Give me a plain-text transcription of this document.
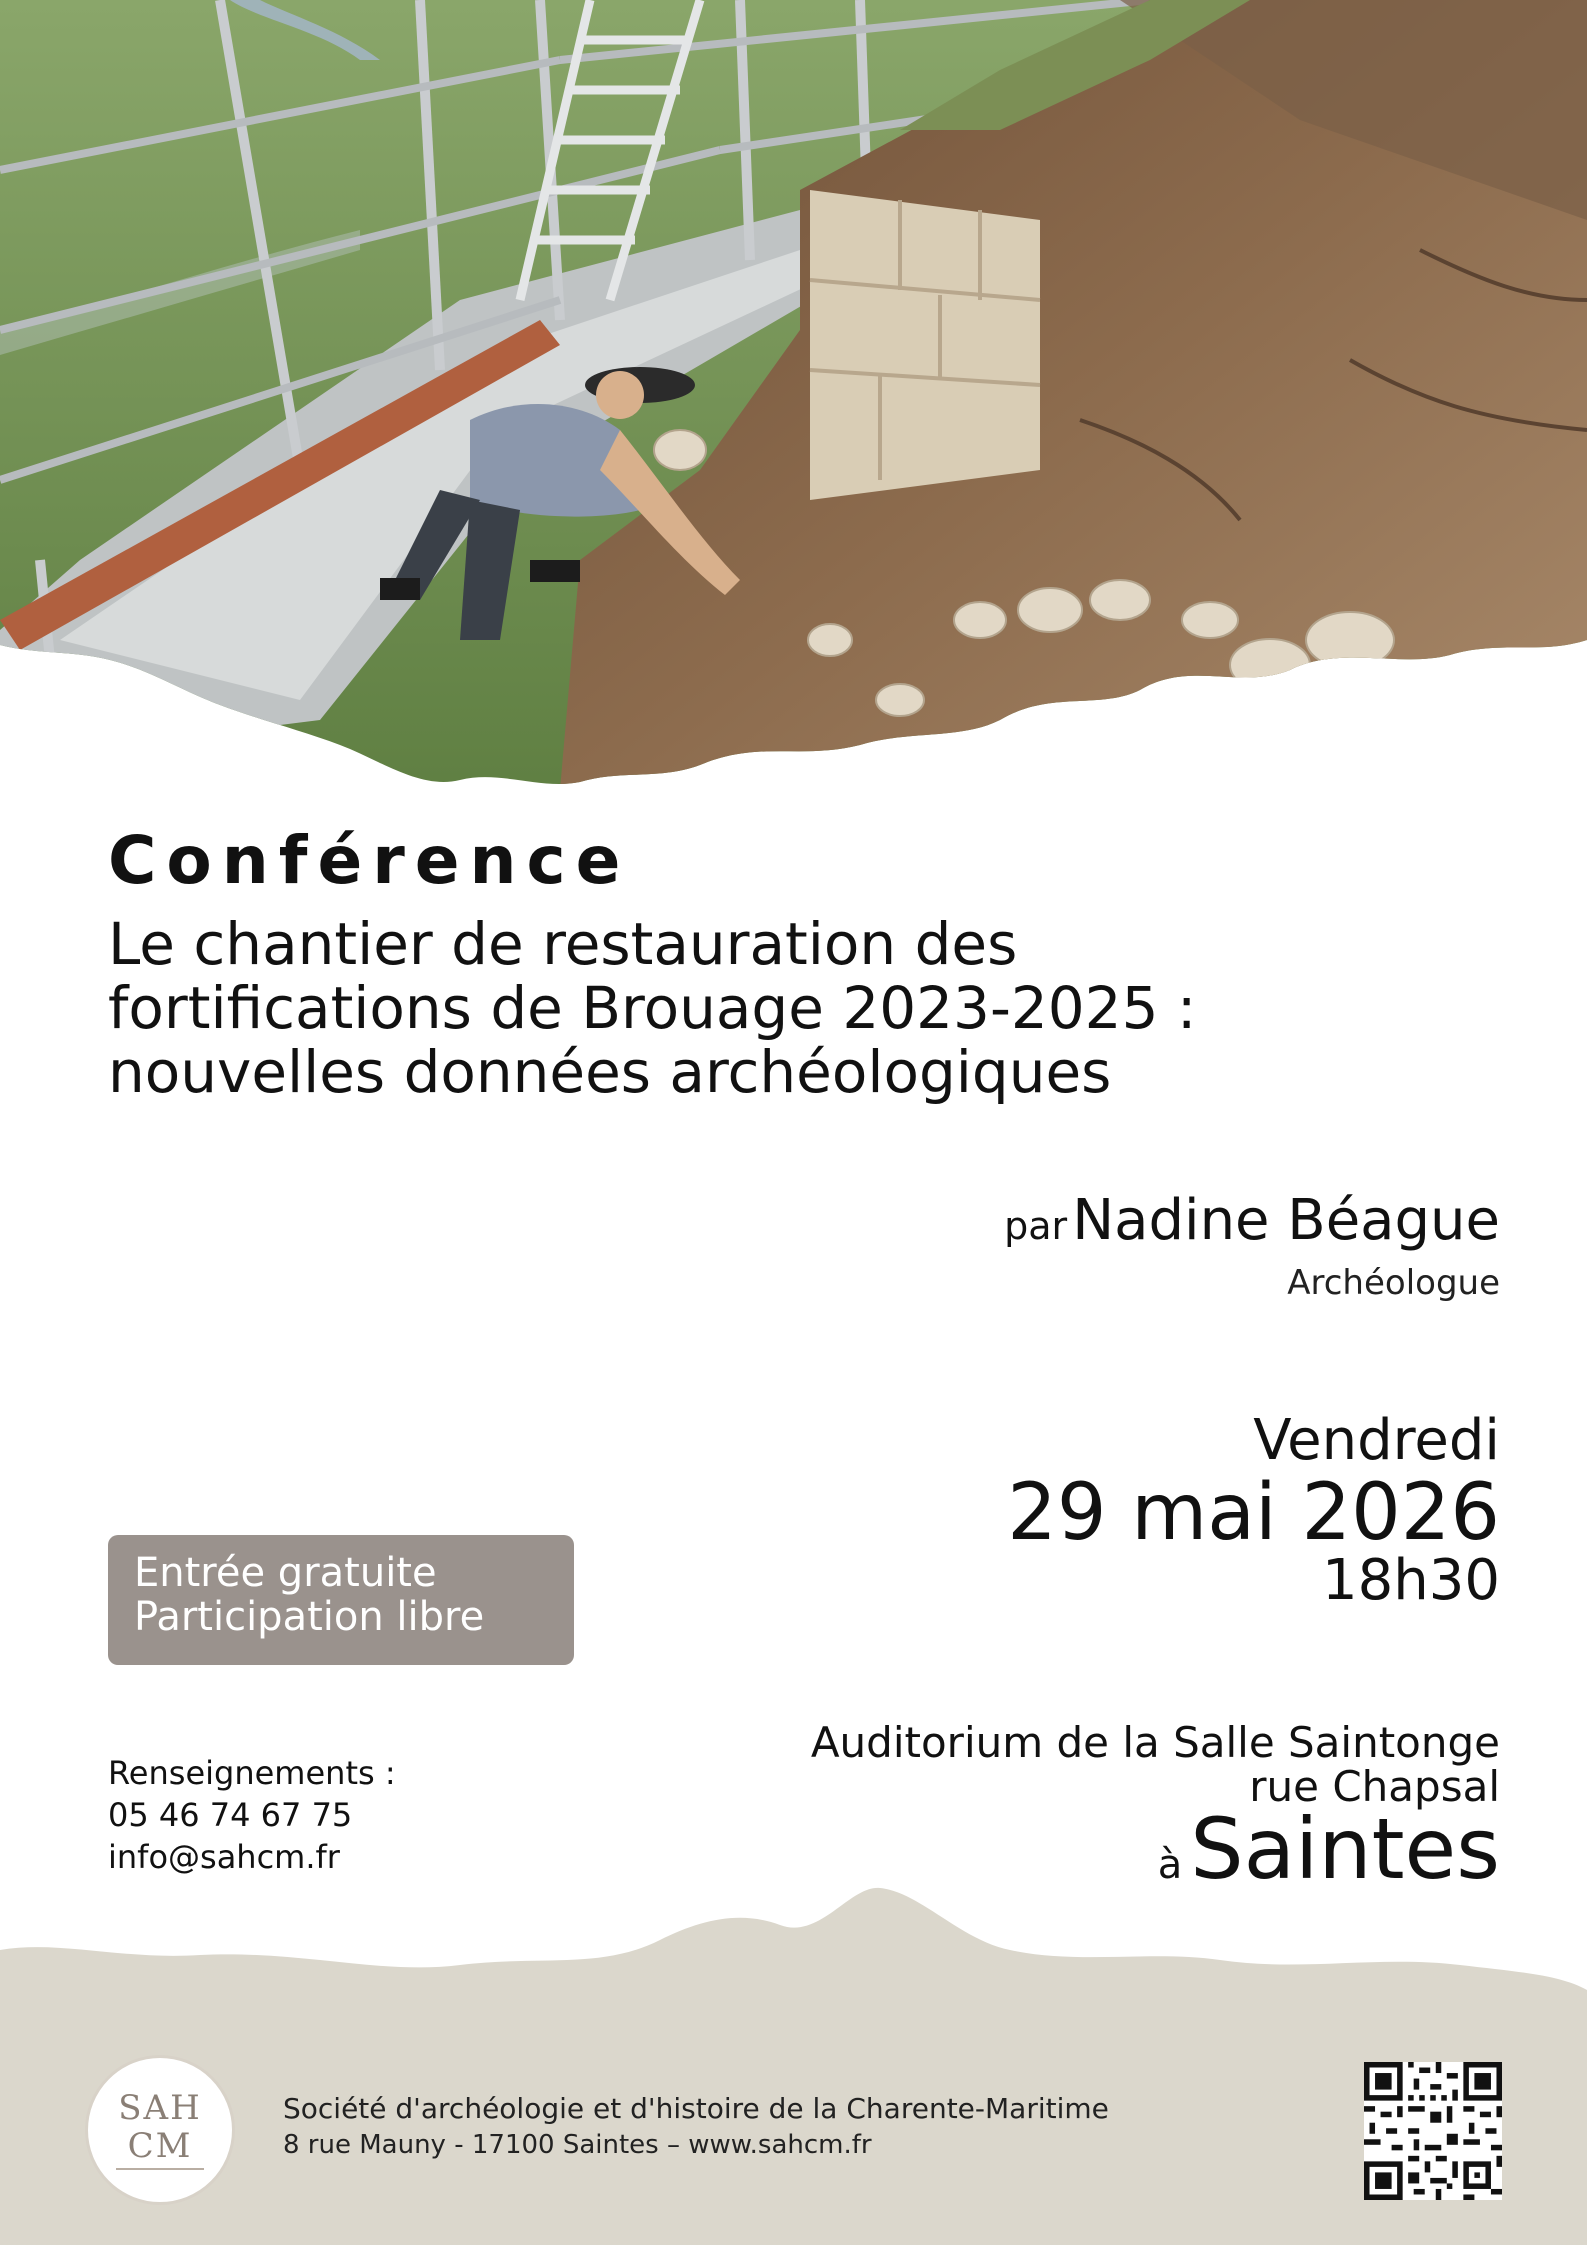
Conférence

Le chantier de restauration des
fortifications de Brouage 2023-2025 :
nouvelles données archéologiques
par Nadine Béague

Archéologue

Vendredi

29 mai 2026

18h30

Entrée gratuite
Participation libre
Renseignements :
05 46 74 67 75
info@sahcm.fr

Auditorium de la Salle Saintonge

rue Chapsal

àSaintes
SAH
CM

Société d'archéologie et d'histoire de la Charente-Maritime

8 rue Mauny - 17100 Saintes – www.sahcm.fr
